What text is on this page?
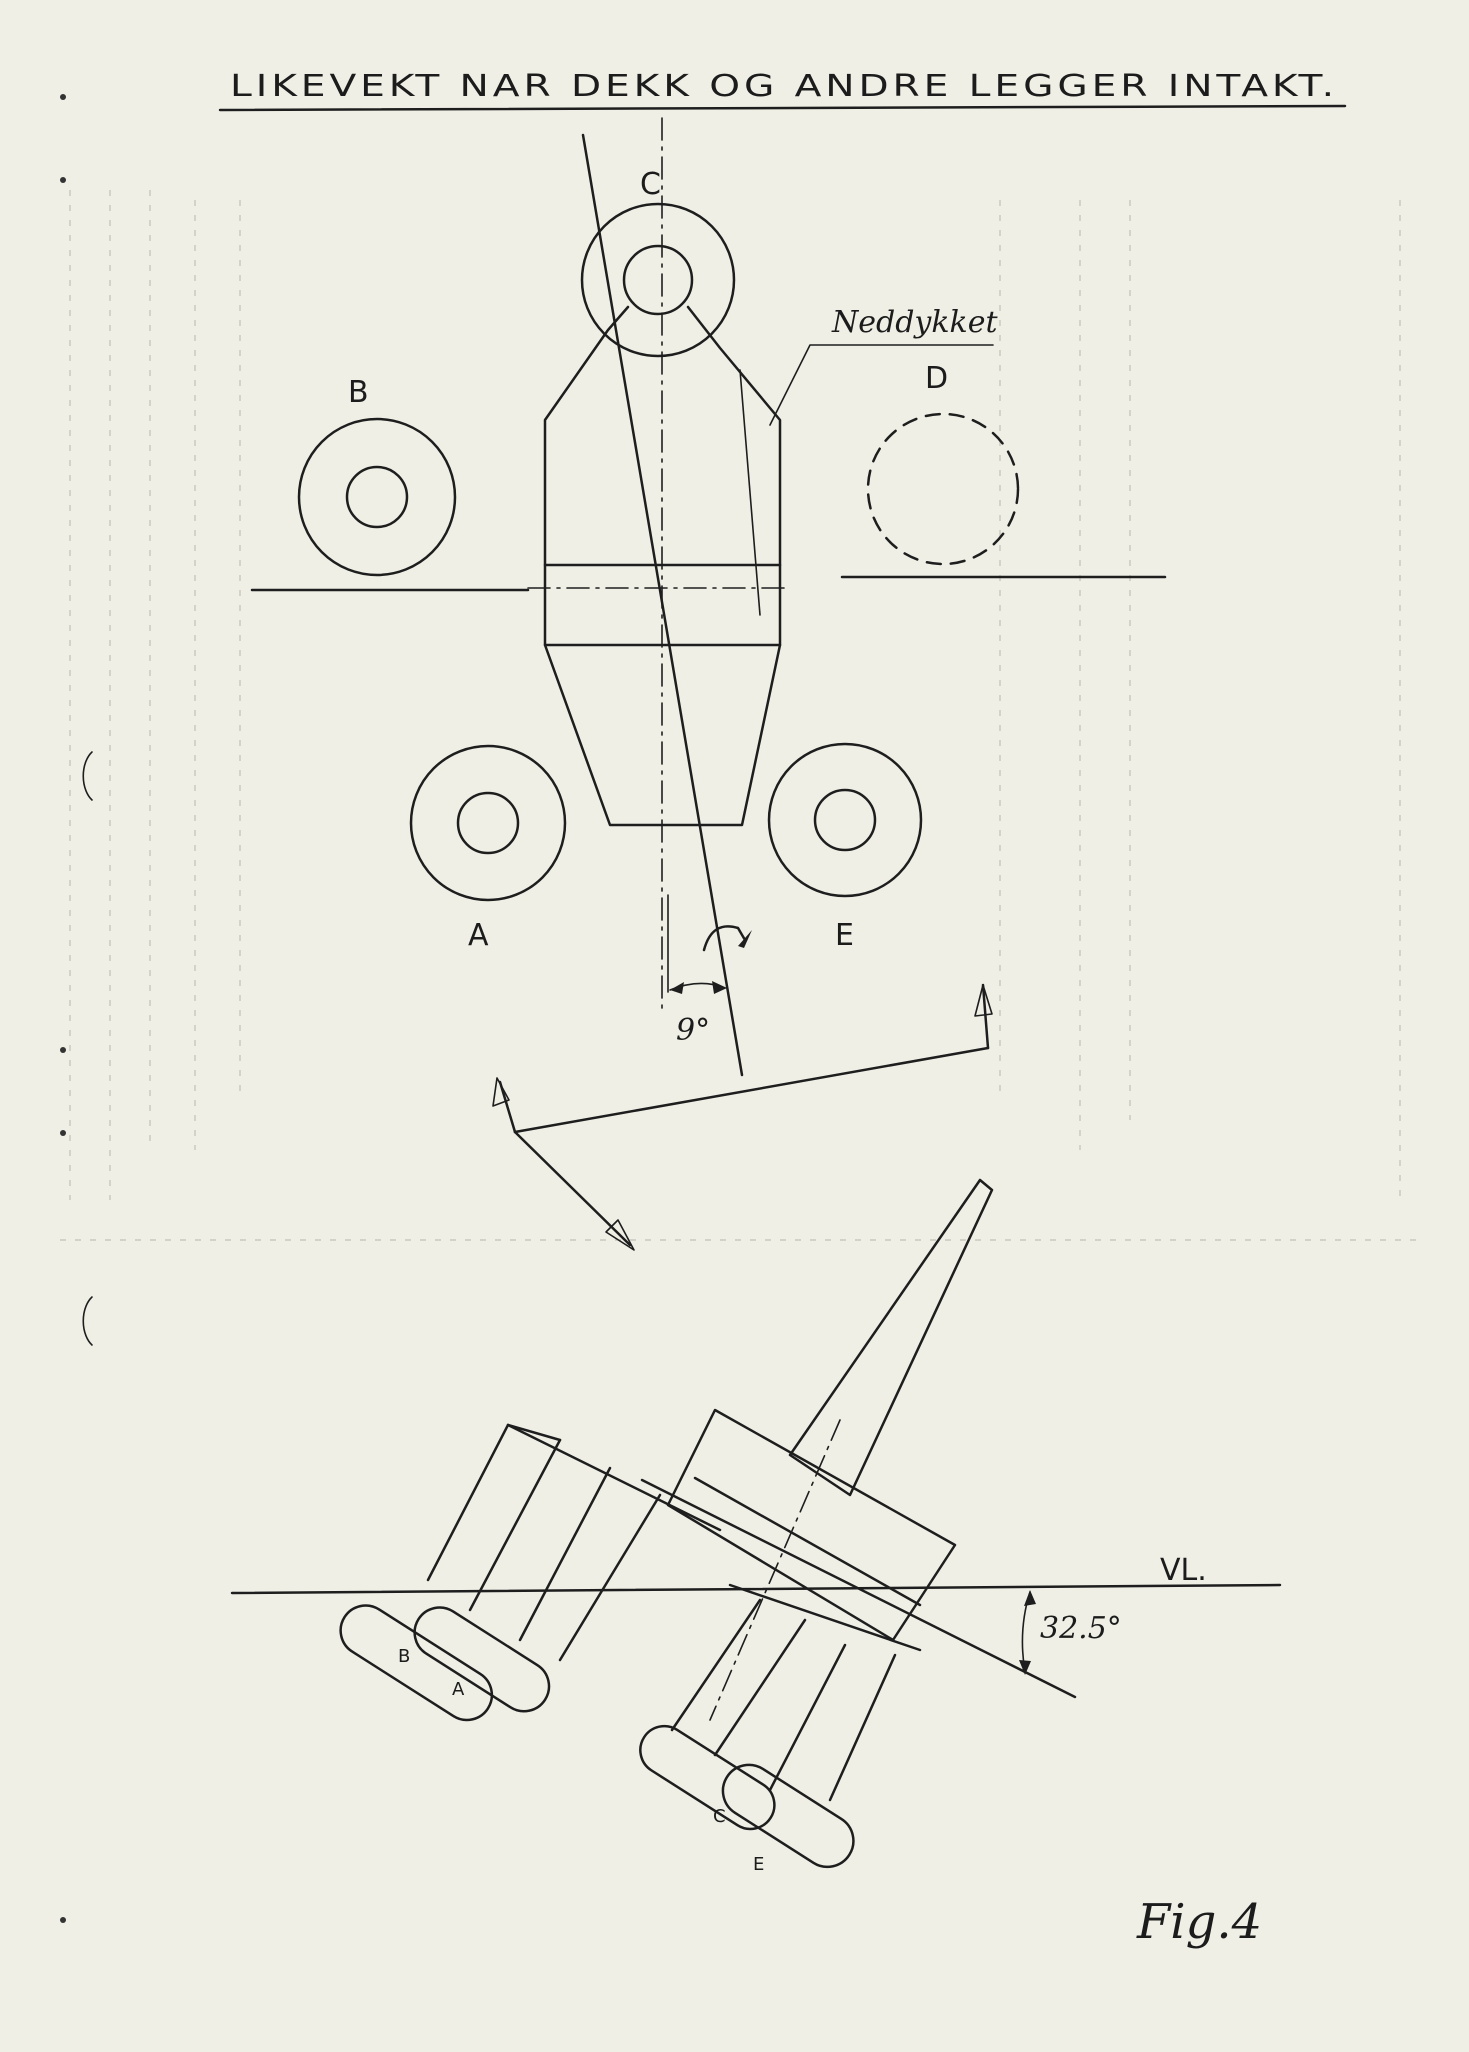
LIKEVEKT NAR DEKK OG ANDRE LEGGER INTAKT.
C
Neddykket
B	D
A	E
9°
B
A
C
E
VL.
32.5°
Fig.4
